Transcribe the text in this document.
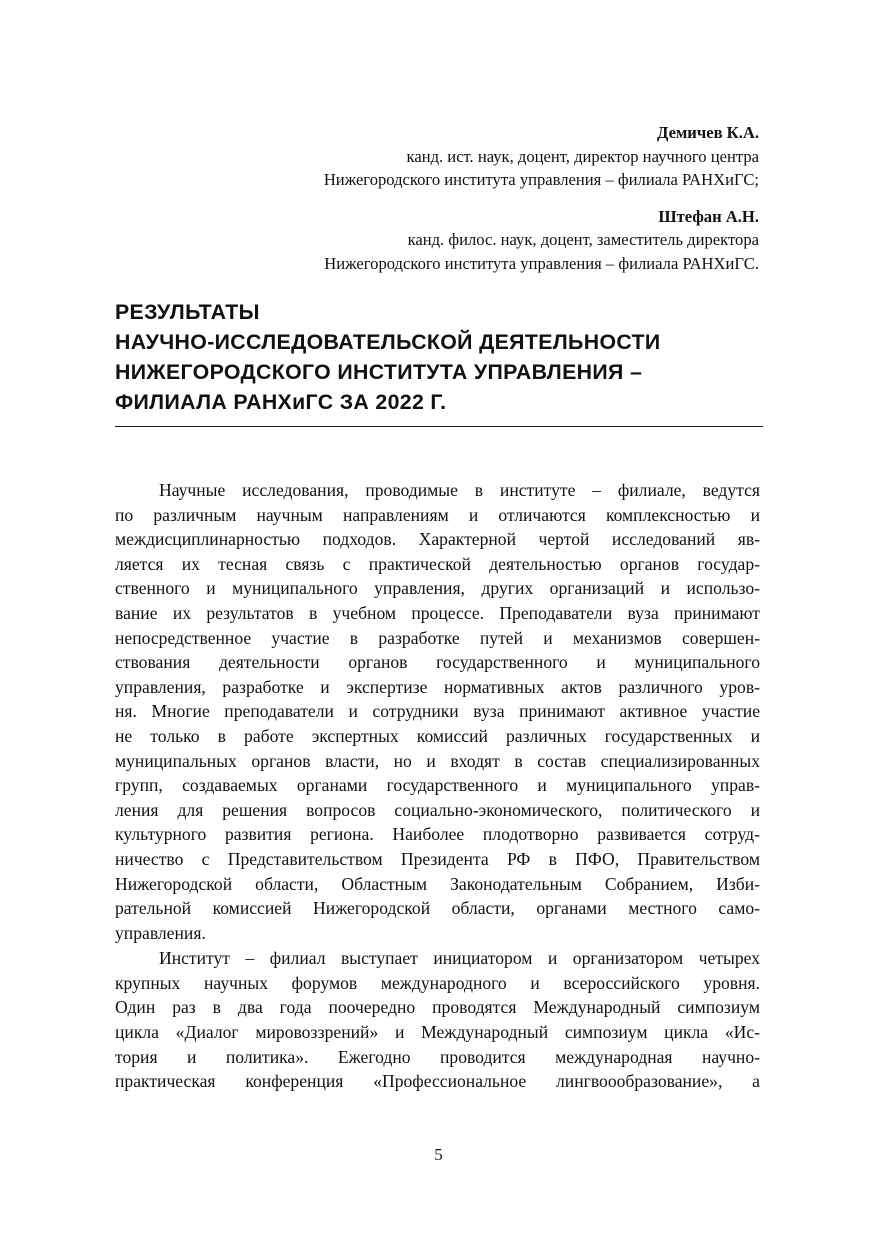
Демичев К.А.
канд. ист. наук, доцент, директор научного центра
Нижегородского института управления – филиала РАНХиГС;
Штефан А.Н.
канд. филос. наук, доцент, заместитель директора
Нижегородского института управления – филиала РАНХиГС.
РЕЗУЛЬТАТЫ
НАУЧНО-ИССЛЕДОВАТЕЛЬСКОЙ ДЕЯТЕЛЬНОСТИ
НИЖЕГОРОДСКОГО ИНСТИТУТА УПРАВЛЕНИЯ –
ФИЛИАЛА РАНХиГС ЗА 2022 Г.

Научные исследования, проводимые в институте – филиале, ведутся
по различным научным направлениям и отличаются комплексностью и
междисциплинарностью подходов. Характерной чертой исследований яв-
ляется их тесная связь с практической деятельностью органов государ-
ственного и муниципального управления, других организаций и использо-
вание их результатов в учебном процессе. Преподаватели вуза принимают
непосредственное участие в разработке путей и механизмов совершен-
ствования деятельности органов государственного и муниципального
управления, разработке и экспертизе нормативных актов различного уров-
ня. Многие преподаватели и сотрудники вуза принимают активное участие
не только в работе экспертных комиссий различных государственных и
муниципальных органов власти, но и входят в состав специализированных
групп, создаваемых органами государственного и муниципального управ-
ления для решения вопросов социально-экономического, политического и
культурного развития региона. Наиболее плодотворно развивается сотруд-
ничество с Представительством Президента РФ в ПФО, Правительством
Нижегородской области, Областным Законодательным Собранием, Изби-
рательной комиссией Нижегородской области, органами местного само-
управления.

Институт – филиал выступает инициатором и организатором четырех
крупных научных форумов международного и всероссийского уровня.
Один раз в два года поочередно проводятся Международный симпозиум
цикла «Диалог мировоззрений» и Международный симпозиум цикла «Ис-
тория и политика». Ежегодно проводится международная научно-
практическая конференция «Профессиональное лингвоообразование», а

5
